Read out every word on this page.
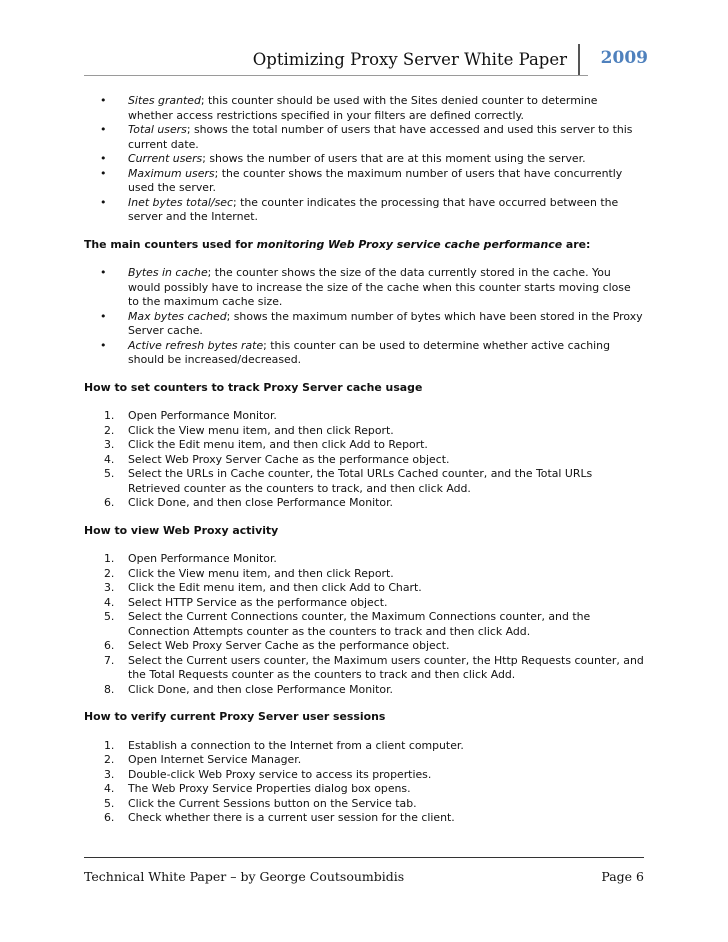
Optimizing Proxy Server White Paper 2009
• Sites granted; this counter should be used with the Sites denied counter to determine whether access restrictions specified in your filters are defined correctly.
• Total users; shows the total number of users that have accessed and used this server to this current date.
• Current users; shows the number of users that are at this moment using the server.
• Maximum users; the counter shows the maximum number of users that have concurrently used the server.
• Inet bytes total/sec; the counter indicates the processing that have occurred between the server and the Internet.

The main counters used for monitoring Web Proxy service cache performance are:

• Bytes in cache; the counter shows the size of the data currently stored in the cache. You would possibly have to increase the size of the cache when this counter starts moving close to the maximum cache size.
• Max bytes cached; shows the maximum number of bytes which have been stored in the Proxy Server cache.
• Active refresh bytes rate; this counter can be used to determine whether active caching should be increased/decreased.

How to set counters to track Proxy Server cache usage

1. Open Performance Monitor.
2. Click the View menu item, and then click Report.
3. Click the Edit menu item, and then click Add to Report.
4. Select Web Proxy Server Cache as the performance object.
5. Select the URLs in Cache counter, the Total URLs Cached counter, and the Total URLs Retrieved counter as the counters to track, and then click Add.
6. Click Done, and then close Performance Monitor.

How to view Web Proxy activity

1. Open Performance Monitor.
2. Click the View menu item, and then click Report.
3. Click the Edit menu item, and then click Add to Chart.
4. Select HTTP Service as the performance object.
5. Select the Current Connections counter, the Maximum Connections counter, and the Connection Attempts counter as the counters to track and then click Add.
6. Select Web Proxy Server Cache as the performance object.
7. Select the Current users counter, the Maximum users counter, the Http Requests counter, and the Total Requests counter as the counters to track and then click Add.
8. Click Done, and then close Performance Monitor.

How to verify current Proxy Server user sessions

1. Establish a connection to the Internet from a client computer.
2. Open Internet Service Manager.
3. Double-click Web Proxy service to access its properties.
4. The Web Proxy Service Properties dialog box opens.
5. Click the Current Sessions button on the Service tab.
6. Check whether there is a current user session for the client.
Technical White Paper – by George Coutsoumbidis	Page 6
